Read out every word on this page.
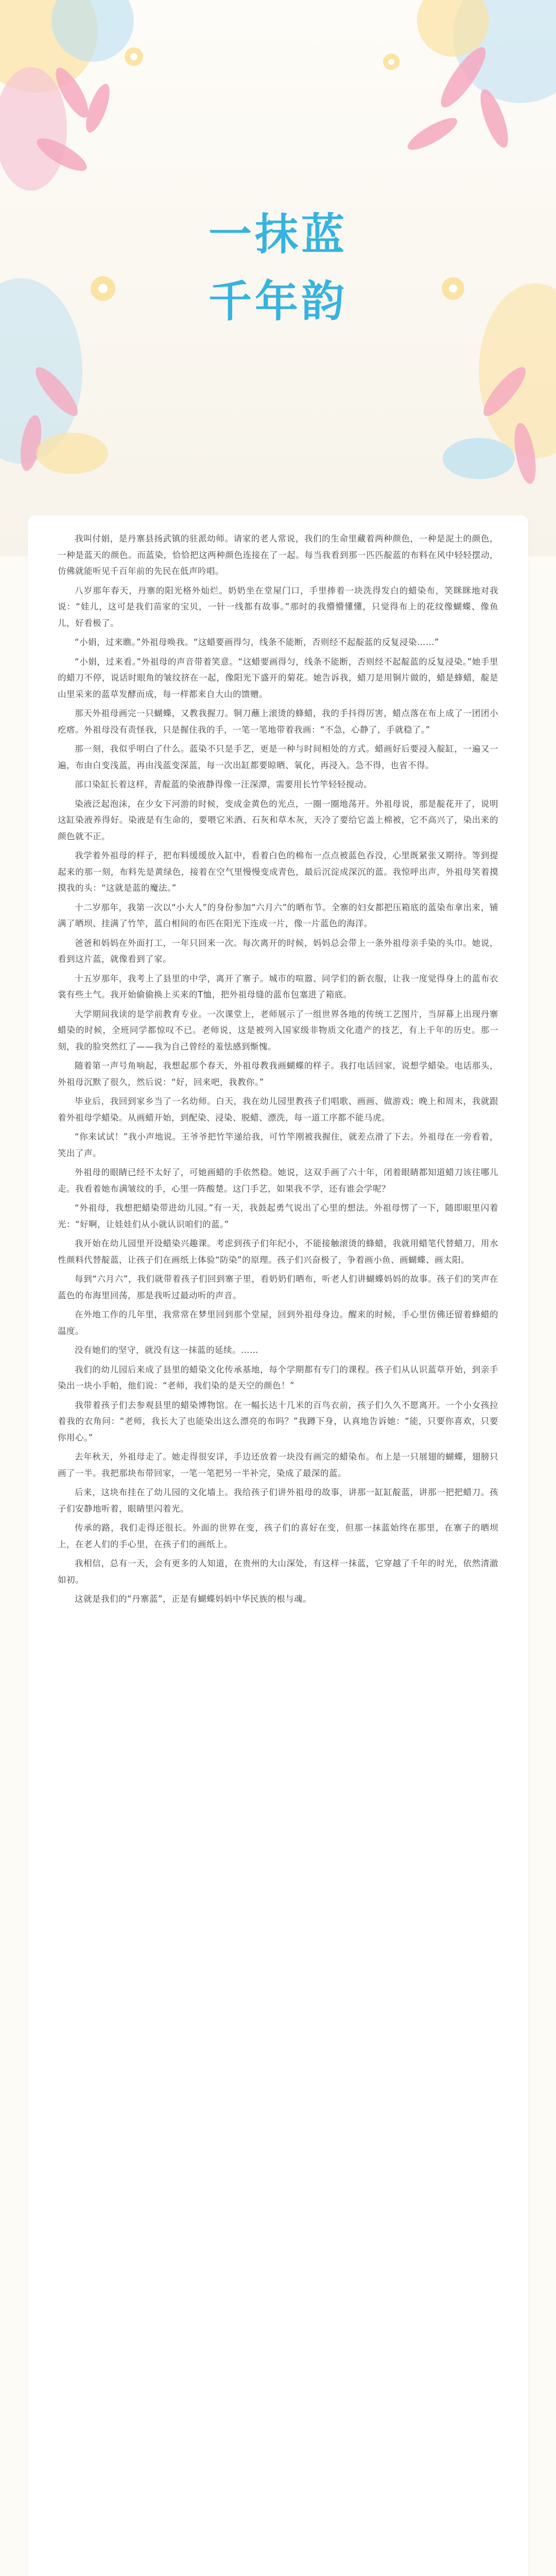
一抹蓝
千年韵

我叫付娟，是丹寨县扬武镇的驻派幼师。请家的老人常说，我们的生命里藏着两种颜色，一种是泥土的颜色，一种是蓝天的颜色。而蓝染，恰恰把这两种颜色连接在了一起。每当我看到那一匹匹靛蓝的布料在风中轻轻摆动，仿佛就能听见千百年前的先民在低声吟唱。

八岁那年春天，丹寨的阳光格外灿烂。奶奶坐在堂屋门口，手里捧着一块洗得发白的蜡染布，笑眯眯地对我说：“娃儿，这可是我们苗家的宝贝，一针一线都有故事。”那时的我懵懵懂懂，只觉得布上的花纹像蝴蝶、像鱼儿，好看极了。

“小娟，过来瞧。”外祖母唤我。“这蜡要画得匀，线条不能断，否则经不起靛蓝的反复浸染……”

“小娟，过来看。”外祖母的声音带着笑意。“这蜡要画得匀，线条不能断，否则经不起靛蓝的反复浸染。”她手里的蜡刀不停，说话时眼角的皱纹挤在一起，像阳光下盛开的菊花。她告诉我，蜡刀是用铜片做的，蜡是蜂蜡，靛是山里采来的蓝草发酵而成，每一样都来自大山的馈赠。

那天外祖母画完一只蝴蝶，又教我握刀。铜刀蘸上滚烫的蜂蜡，我的手抖得厉害，蜡点落在布上成了一团团小疙瘩。外祖母没有责怪我，只是握住我的手，一笔一笔地带着我画：“不急，心静了，手就稳了。”

那一刻，我似乎明白了什么。蓝染不只是手艺，更是一种与时间相处的方式。蜡画好后要浸入靛缸，一遍又一遍，布由白变浅蓝，再由浅蓝变深蓝，每一次出缸都要晾晒、氧化，再浸入。急不得，也省不得。

部口染缸长着这样，青靛蓝的染液静得像一汪深潭，需要用长竹竿轻轻搅动。

染液泛起泡沫，在少女下河游的时候，变成金黄色的光点，一圈一圈地荡开。外祖母说，那是靛花开了，说明这缸染液养得好。染液是有生命的，要喂它米酒、石灰和草木灰，天冷了要给它盖上棉被，它不高兴了，染出来的颜色就不正。

我学着外祖母的样子，把布料缓缓放入缸中，看着白色的棉布一点点被蓝色吞没，心里既紧张又期待。等到提起来的那一刻，布料先是黄绿色，接着在空气里慢慢变成青色，最后沉淀成深沉的蓝。我惊呼出声，外祖母笑着摸摸我的头：“这就是蓝的魔法。”

十二岁那年，我第一次以“小大人”的身份参加“六月六”的晒布节。全寨的妇女都把压箱底的蓝染布拿出来，铺满了晒坝、挂满了竹竿，蓝白相间的布匹在阳光下连成一片，像一片蓝色的海洋。

爸爸和妈妈在外面打工，一年只回来一次。每次离开的时候，妈妈总会带上一条外祖母亲手染的头巾。她说，看到这片蓝，就像看到了家。

十五岁那年，我考上了县里的中学，离开了寨子。城市的喧嚣、同学们的新衣服，让我一度觉得身上的蓝布衣裳有些土气。我开始偷偷换上买来的T恤，把外祖母缝的蓝布包塞进了箱底。

大学期间我读的是学前教育专业。一次课堂上，老师展示了一组世界各地的传统工艺图片，当屏幕上出现丹寨蜡染的时候，全班同学都惊叹不已。老师说，这是被列入国家级非物质文化遗产的技艺，有上千年的历史。那一刻，我的脸突然红了——我为自己曾经的羞怯感到惭愧。

随着第一声号角响起，我想起那个春天，外祖母教我画蝴蝶的样子。我打电话回家，说想学蜡染。电话那头，外祖母沉默了很久，然后说：“好，回来吧，我教你。”

毕业后，我回到家乡当了一名幼师。白天，我在幼儿园里教孩子们唱歌、画画、做游戏；晚上和周末，我就跟着外祖母学蜡染。从画蜡开始，到配染、浸染、脱蜡、漂洗，每一道工序都不能马虎。

“你来试试！”我小声地说。王爷爷把竹竿递给我，可竹竿刚被我握住，就差点滑了下去。外祖母在一旁看着，笑出了声。

外祖母的眼睛已经不太好了，可她画蜡的手依然稳。她说，这双手画了六十年，闭着眼睛都知道蜡刀该往哪儿走。我看着她布满皱纹的手，心里一阵酸楚。这门手艺，如果我不学，还有谁会学呢？

“外祖母，我想把蜡染带进幼儿园。”有一天，我鼓起勇气说出了心里的想法。外祖母愣了一下，随即眼里闪着光：“好啊，让娃娃们从小就认识咱们的蓝。”

我开始在幼儿园里开设蜡染兴趣课。考虑到孩子们年纪小，不能接触滚烫的蜂蜡，我就用蜡笔代替蜡刀，用水性颜料代替靛蓝，让孩子们在画纸上体验“防染”的原理。孩子们兴奋极了，争着画小鱼、画蝴蝶、画太阳。

每到“六月六”，我们就带着孩子们回到寨子里，看奶奶们晒布，听老人们讲蝴蝶妈妈的故事。孩子们的笑声在蓝色的布海里回荡，那是我听过最动听的声音。

在外地工作的几年里，我常常在梦里回到那个堂屋，回到外祖母身边。醒来的时候，手心里仿佛还留着蜂蜡的温度。

没有她们的坚守，就没有这一抹蓝的延续。……

我们的幼儿园后来成了县里的蜡染文化传承基地，每个学期都有专门的课程。孩子们从认识蓝草开始，到亲手染出一块小手帕，他们说：“老师，我们染的是天空的颜色！”

我带着孩子们去参观县里的蜡染博物馆。在一幅长达十几米的百鸟衣前，孩子们久久不愿离开。一个小女孩拉着我的衣角问：“老师，我长大了也能染出这么漂亮的布吗？”我蹲下身，认真地告诉她：“能，只要你喜欢，只要你用心。”

去年秋天，外祖母走了。她走得很安详，手边还放着一块没有画完的蜡染布。布上是一只展翅的蝴蝶，翅膀只画了一半。我把那块布带回家，一笔一笔把另一半补完，染成了最深的蓝。

后来，这块布挂在了幼儿园的文化墙上。我给孩子们讲外祖母的故事，讲那一缸缸靛蓝，讲那一把把蜡刀。孩子们安静地听着，眼睛里闪着光。

传承的路，我们走得还很长。外面的世界在变，孩子们的喜好在变，但那一抹蓝始终在那里，在寨子的晒坝上，在老人们的手心里，在孩子们的画纸上。

我相信，总有一天，会有更多的人知道，在贵州的大山深处，有这样一抹蓝，它穿越了千年的时光，依然清澈如初。

这就是我们的“丹寨蓝”，正是有蝴蝶妈妈中华民族的根与魂。
